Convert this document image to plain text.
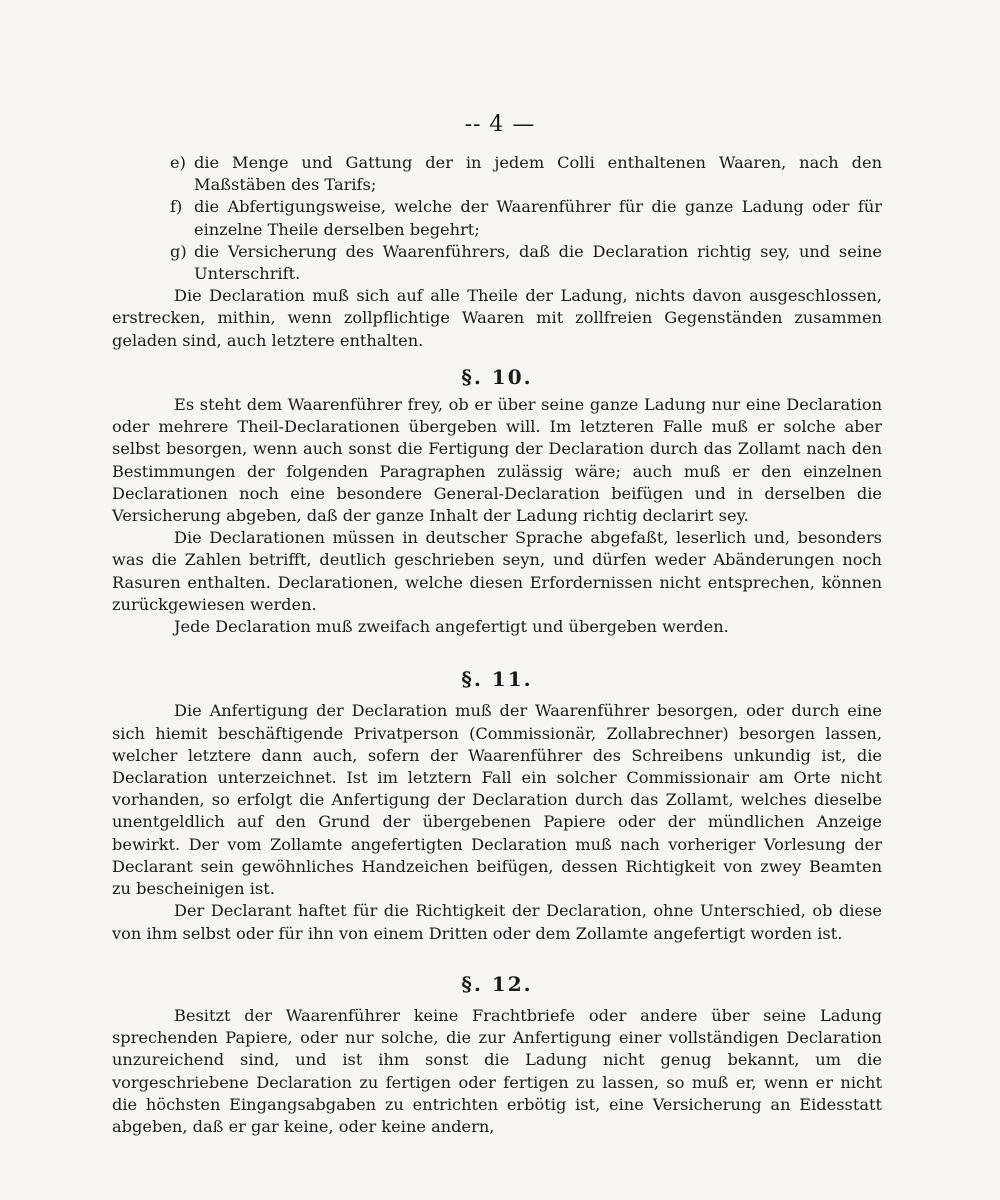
-- 4 —

e) die Menge und Gattung der in jedem Colli enthaltenen Waaren, nach den Maßstäben des Tarifs;

f) die Abfertigungsweise, welche der Waarenführer für die ganze Ladung oder für einzelne Theile derselben begehrt;

g) die Versicherung des Waarenführers, daß die Declaration richtig sey, und seine Unterschrift.

Die Declaration muß sich auf alle Theile der Ladung, nichts davon ausgeschlossen, erstrecken, mithin, wenn zollpflichtige Waaren mit zollfreien Gegenständen zusammen geladen sind, auch letztere enthalten.

§. 10.

Es steht dem Waarenführer frey, ob er über seine ganze Ladung nur eine Declaration oder mehrere Theil-Declarationen übergeben will. Im letzteren Falle muß er solche aber selbst besorgen, wenn auch sonst die Fertigung der Declaration durch das Zollamt nach den Bestimmungen der folgenden Paragraphen zulässig wäre; auch muß er den einzelnen Declarationen noch eine besondere General-Declaration beifügen und in derselben die Versicherung abgeben, daß der ganze Inhalt der Ladung richtig declarirt sey.

Die Declarationen müssen in deutscher Sprache abgefaßt, leserlich und, besonders was die Zahlen betrifft, deutlich geschrieben seyn, und dürfen weder Abänderungen noch Rasuren enthalten. Declarationen, welche diesen Erfordernissen nicht entsprechen, können zurückgewiesen werden.

Jede Declaration muß zweifach angefertigt und übergeben werden.

§. 11.

Die Anfertigung der Declaration muß der Waarenführer besorgen, oder durch eine sich hiemit beschäftigende Privatperson (Commissionär, Zollabrechner) besorgen lassen, welcher letztere dann auch, sofern der Waarenführer des Schreibens unkundig ist, die Declaration unterzeichnet. Ist im letztern Fall ein solcher Commissionair am Orte nicht vorhanden, so erfolgt die Anfertigung der Declaration durch das Zollamt, welches dieselbe unentgeldlich auf den Grund der übergebenen Papiere oder der mündlichen Anzeige bewirkt. Der vom Zollamte angefertigten Declaration muß nach vorheriger Vorlesung der Declarant sein gewöhnliches Handzeichen beifügen, dessen Richtigkeit von zwey Beamten zu bescheinigen ist.

Der Declarant haftet für die Richtigkeit der Declaration, ohne Unterschied, ob diese von ihm selbst oder für ihn von einem Dritten oder dem Zollamte angefertigt worden ist.

§. 12.

Besitzt der Waarenführer keine Frachtbriefe oder andere über seine Ladung sprechenden Papiere, oder nur solche, die zur Anfertigung einer vollständigen Declaration unzureichend sind, und ist ihm sonst die Ladung nicht genug bekannt, um die vorgeschriebene Declaration zu fertigen oder fertigen zu lassen, so muß er, wenn er nicht die höchsten Eingangsabgaben zu entrichten erbötig ist, eine Versicherung an Eidesstatt abgeben, daß er gar keine, oder keine andern,
